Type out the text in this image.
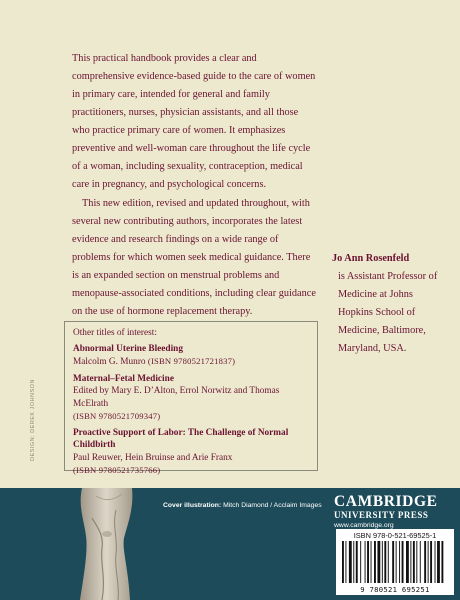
This practical handbook provides a clear and comprehensive evidence-based guide to the care of women in primary care, intended for general and family practitioners, nurses, physician assistants, and all those who practice primary care of women. It emphasizes preventive and well-woman care throughout the life cycle of a woman, including sexuality, contraception, medical care in pregnancy, and psychological concerns.

This new edition, revised and updated throughout, with several new contributing authors, incorporates the latest evidence and research findings on a wide range of problems for which women seek medical guidance. There is an expanded section on menstrual problems and menopause-associated conditions, including clear guidance on the use of hormone replacement therapy.

Jo Ann Rosenfeld
is Assistant Professor of Medicine at Johns Hopkins School of Medicine, Baltimore, Maryland, USA.
Other titles of interest:
Abnormal Uterine Bleeding
Malcolm G. Munro (ISBN 9780521721837)
Maternal–Fetal Medicine
Edited by Mary E. D’Alton, Errol Norwitz and Thomas McElrath
(ISBN 9780521709347)
Proactive Support of Labor: The Challenge of Normal Childbirth
Paul Reuwer, Hein Bruinse and Arie Franx
(ISBN 9780521735766)
DESIGN: DEREK JOHNSON
Cover illustration: Mitch Diamond / Acclaim Images CAMBRIDGE
UNIVERSITY PRESS
www.cambridge.org
ISBN 978-0-521-69525-1
9 780521 695251
